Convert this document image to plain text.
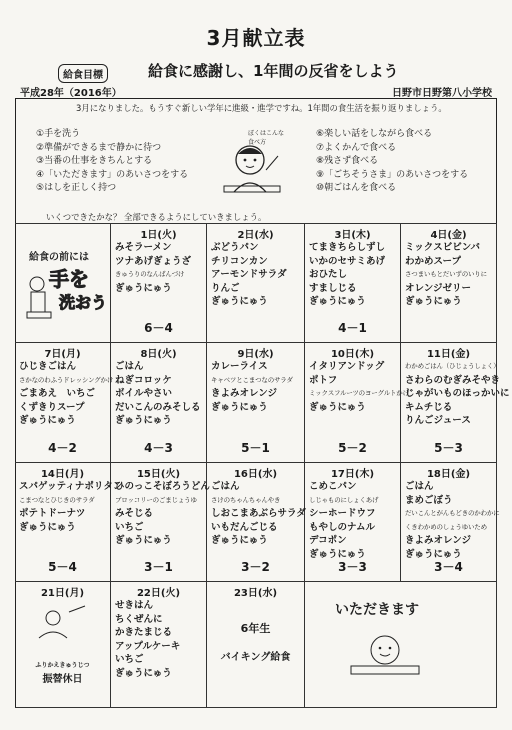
3月献立表
給食目標	給食に感謝し、1年間の反省をしよう
平成28年（2016年）	日野市日野第八小学校
3月になりました。もうすぐ新しい学年に進級・進学ですね。1年間の食生活を振り返りましょう。
①手を洗う
②準備ができるまで静かに待つ
③当番の仕事をきちんとする
④「いただきます」のあいさつをする
⑤はしを正しく持つ
⑥楽しい話をしながら食べる
⑦よくかんで食べる
⑧残さず食べる
⑨「ごちそうさま」のあいさつをする
⑩朝ごはんを食べる
ぼくはこんな食べ方
いくつできたかな？ 全部できるようにしていきましょう。
給食の前には
手を
洗おう
1日(火)
みそラーメン
ツナあげぎょうざ
きゅうりのなんばんづけ
ぎゅうにゅう
6－4
2日(水)
ぶどうパン
チリコンカン
アーモンドサラダ
りんご
ぎゅうにゅう
3日(木)
てまきちらしずし
いかのセサミあげ
おひたし
すましじる
ぎゅうにゅう
4－1
4日(金)
ミックスビビンバ
わかめスープ
さつまいもとだいずのいりに
オレンジゼリー
ぎゅうにゅう
7日(月)
ひじきごはん
さかなのわふうドレッシングかけ
ごまあえ　いちご
くずきりスープ
ぎゅうにゅう
4－2
8日(火)
ごはん
ねぎコロッケ
ボイルやさい
だいこんのみそしる
ぎゅうにゅう
4－3
9日(水)
カレーライス
キャベツとこまつなのサラダ
きよみオレンジ
ぎゅうにゅう
5－1
10日(木)
イタリアンドッグ
ポトフ
ミックスフルーツのヨーグルトかけ
ぎゅうにゅう
5－2
11日(金)
わかめごはん（ひじょうしょく）
さわらのむぎみそやき
じゃがいものほっかいに
キムチじる
りんごジュース
5－3
14日(月)
スパゲッティナポリタン
こまつなとひじきのサラダ
ポテトドーナツ
ぎゅうにゅう
5－4
15日(火)
ひのっこそぼろうどん
ブロッコリーのごまじょうゆ
みそじる
いちご
ぎゅうにゅう
3－1
16日(水)
ごはん
さけのちゃんちゃんやき
しおこまあぶらサラダ
いもだんごじる
ぎゅうにゅう
3－2
17日(木)
こめこパン
しじゃものにしょくあげ
シーホードウフ
もやしのナムル
デコポン
ぎゅうにゅう
3－3
18日(金)
ごはん
まめごぼう
だいこんとがんもどきのかわかに
くきわかめのしょうゆいため
きよみオレンジ
ぎゅうにゅう
3－4
21日(月)
ふりかえきゅうじつ
振替休日
22日(火)
せきはん
ちくぜんに
かきたまじる
アップルケーキ
いちご
ぎゅうにゅう
23日(水)
6年生
バイキング給食
いただきます
